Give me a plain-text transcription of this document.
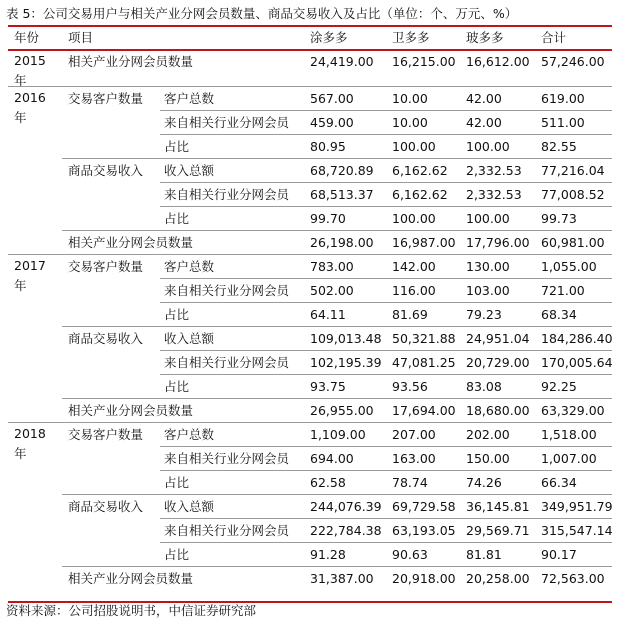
表 5：公司交易用户与相关产业分网会员数量、商品交易收入及占比（单位：个、万元、%）
年份 项目	涂多多	卫多多	玻多多	合计
2015年
相关产业分网会员数量	24,419.00 16,215.00 16,612.00 57,246.00
2016年
交易客户数量 客户总数	567.00	10.00	42.00	619.00
来自相关行业分网会员 459.00	10.00	42.00	511.00
占比	80.95	100.00 100.00	82.55
商品交易收入 收入总额	68,720.89 6,162.62 2,332.53 77,216.04
来自相关行业分网会员 68,513.37 6,162.62 2,332.53 77,008.52
占比	99.70	100.00 100.00	99.73
相关产业分网会员数量	26,198.00 16,987.00 17,796.00 60,981.00
2017年
交易客户数量 客户总数	783.00	142.00 130.00	1,055.00
来自相关行业分网会员 502.00	116.00 103.00	721.00
占比	64.11	81.69	79.23	68.34
商品交易收入 收入总额	109,013.48 50,321.88 24,951.04 184,286.40
来自相关行业分网会员 102,195.39 47,081.25 20,729.00 170,005.64
占比	93.75	93.56	83.08	92.25
相关产业分网会员数量	26,955.00 17,694.00 18,680.00 63,329.00
2018年
交易客户数量 客户总数	1,109.00 207.00 202.00	1,518.00
来自相关行业分网会员 694.00	163.00 150.00	1,007.00
占比	62.58	78.74	74.26	66.34
商品交易收入 收入总额	244,076.39 69,729.58 36,145.81 349,951.79
来自相关行业分网会员 222,784.38 63,193.05 29,569.71 315,547.14
占比	91.28	90.63	81.81	90.17
相关产业分网会员数量	31,387.00 20,918.00 20,258.00 72,563.00
资料来源：公司招股说明书，中信证券研究部
